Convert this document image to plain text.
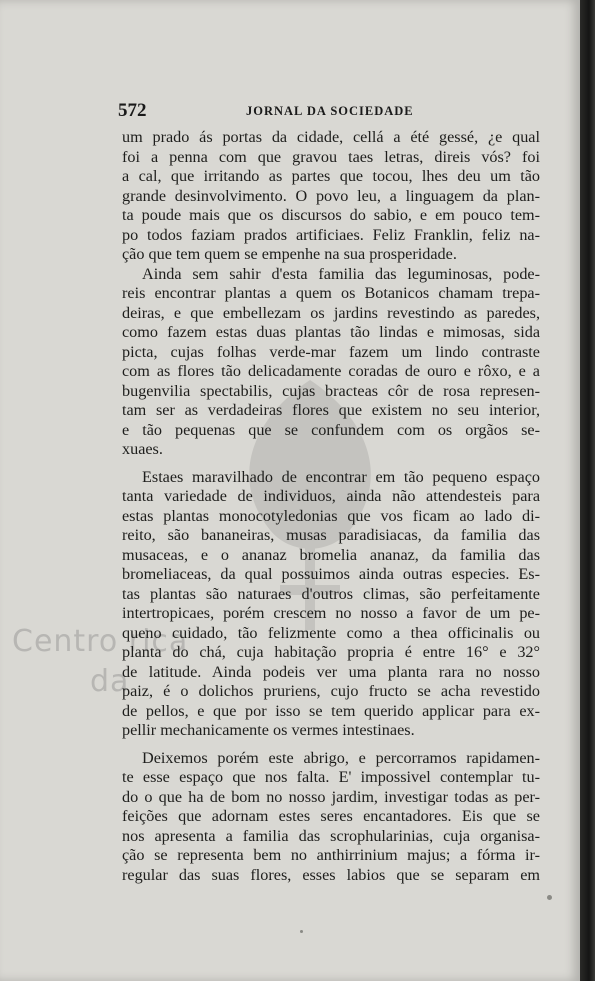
Centro rica
da
572	JORNAL DA SOCIEDADE
um prado ás portas da cidade, cellá a été gessé, ¿e qual
foi a penna com que gravou taes letras, direis vós? foi
a cal, que irritando as partes que tocou, lhes deu um tão
grande desinvolvimento. O povo leu, a linguagem da plan-
ta poude mais que os discursos do sabio, e em pouco tem-
po todos faziam prados artificiaes. Feliz Franklin, feliz na-
ção que tem quem se empenhe na sua prosperidade.
Ainda sem sahir d'esta familia das leguminosas, pode-
reis encontrar plantas a quem os Botanicos chamam trepa-
deiras, e que embellezam os jardins revestindo as paredes,
como fazem estas duas plantas tão lindas e mimosas, sida
picta, cujas folhas verde-mar fazem um lindo contraste
com as flores tão delicadamente coradas de ouro e rôxo, e a
bugenvilia spectabilis, cujas bracteas côr de rosa represen-
tam ser as verdadeiras flores que existem no seu interior,
e tão pequenas que se confundem com os orgãos se-
xuaes.
Estaes maravilhado de encontrar em tão pequeno espaço
tanta variedade de individuos, ainda não attendesteis para
estas plantas monocotyledonias que vos ficam ao lado di-
reito, são bananeiras, musas paradisiacas, da familia das
musaceas, e o ananaz bromelia ananaz, da familia das
bromeliaceas, da qual possuimos ainda outras especies. Es-
tas plantas são naturaes d'outros climas, são perfeitamente
intertropicaes, porém crescem no nosso a favor de um pe-
queno cuidado, tão felizmente como a thea officinalis ou
planta do chá, cuja habitação propria é entre 16° e 32°
de latitude. Ainda podeis ver uma planta rara no nosso
paiz, é o dolichos pruriens, cujo fructo se acha revestido
de pellos, e que por isso se tem querido applicar para ex-
pellir mechanicamente os vermes intestinaes.
Deixemos porém este abrigo, e percorramos rapidamen-
te esse espaço que nos falta. E' impossivel contemplar tu-
do o que ha de bom no nosso jardim, investigar todas as per-
feições que adornam estes seres encantadores. Eis que se
nos apresenta a familia das scrophularinias, cuja organisa-
ção se representa bem no anthirrinium majus; a fórma ir-
regular das suas flores, esses labios que se separam em
